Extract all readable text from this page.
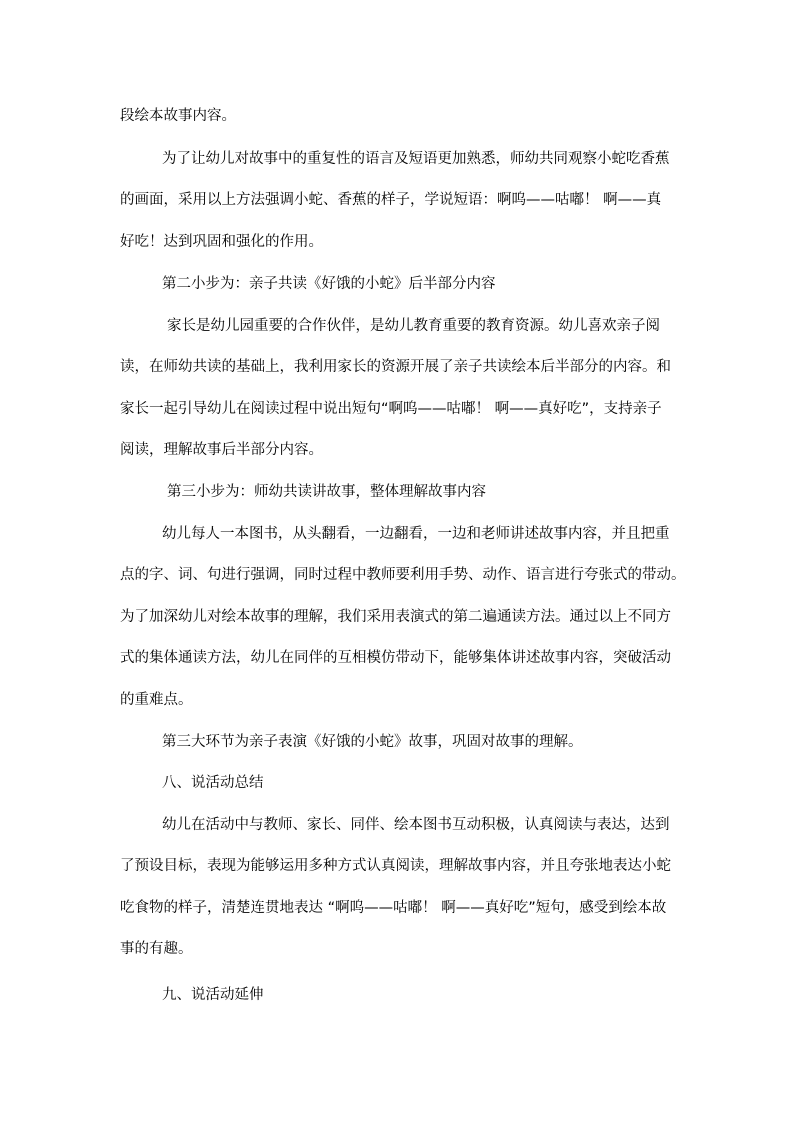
段绘本故事内容。
为了让幼儿对故事中的重复性的语言及短语更加熟悉，师幼共同观察小蛇吃香蕉
的画面，采用以上方法强调小蛇、香蕉的样子，学说短语：啊呜——咕嘟！ 啊——真
好吃！达到巩固和强化的作用。
第二小步为：亲子共读《好饿的小蛇》后半部分内容
家长是幼儿园重要的合作伙伴，是幼儿教育重要的教育资源。幼儿喜欢亲子阅
读，在师幼共读的基础上，我利用家长的资源开展了亲子共读绘本后半部分的内容。和
家长一起引导幼儿在阅读过程中说出短句“啊呜——咕嘟！ 啊——真好吃”，支持亲子
阅读，理解故事后半部分内容。
第三小步为：师幼共读讲故事，整体理解故事内容
幼儿每人一本图书，从头翻看，一边翻看，一边和老师讲述故事内容，并且把重
点的字、词、句进行强调，同时过程中教师要利用手势、动作、语言进行夸张式的带动。
为了加深幼儿对绘本故事的理解，我们采用表演式的第二遍通读方法。通过以上不同方
式的集体通读方法，幼儿在同伴的互相模仿带动下，能够集体讲述故事内容，突破活动
的重难点。
第三大环节为亲子表演《好饿的小蛇》故事，巩固对故事的理解。
八、说活动总结
幼儿在活动中与教师、家长、同伴、绘本图书互动积极，认真阅读与表达，达到
了预设目标，表现为能够运用多种方式认真阅读，理解故事内容，并且夸张地表达小蛇
吃食物的样子，清楚连贯地表达 “啊呜——咕嘟！ 啊——真好吃”短句，感受到绘本故
事的有趣。
九、说活动延伸
